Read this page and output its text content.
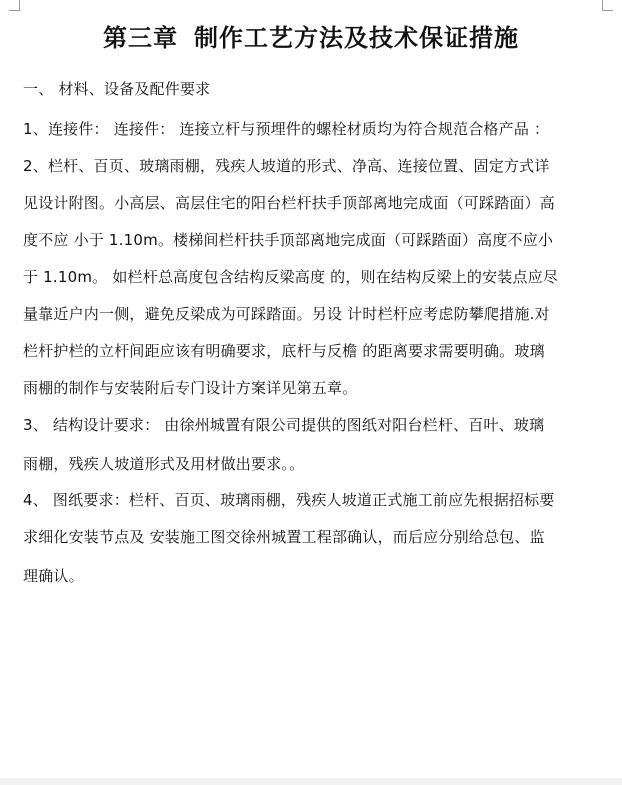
第三章 制作工艺方法及技术保证措施
一、 材料、设备及配件要求
1、连接件： 连接件： 连接立杆与预埋件的螺栓材质均为符合规范合格产品 ：
2、栏杆、百页、玻璃雨棚，残疾人坡道的形式、净高、连接位置、固定方式详
见设计附图。小高层、高层住宅的阳台栏杆扶手顶部离地完成面（可踩踏面）高
度不应 小于 1.10m。楼梯间栏杆扶手顶部离地完成面（可踩踏面）高度不应小
于 1.10m。 如栏杆总高度包含结构反梁高度 的，则在结构反梁上的安装点应尽
量靠近户内一侧，避免反梁成为可踩踏面。另设 计时栏杆应考虑防攀爬措施.对
栏杆护栏的立杆间距应该有明确要求，底杆与反檐 的距离要求需要明确。玻璃
雨棚的制作与安装附后专门设计方案详见第五章。
3、 结构设计要求： 由徐州城置有限公司提供的图纸对阳台栏杆、百叶、玻璃
雨棚，残疾人坡道形式及用材做出要求。。
4、 图纸要求：栏杆、百页、玻璃雨棚，残疾人坡道正式施工前应先根据招标要
求细化安装节点及 安装施工图交徐州城置工程部确认，而后应分别给总包、监
理确认。
